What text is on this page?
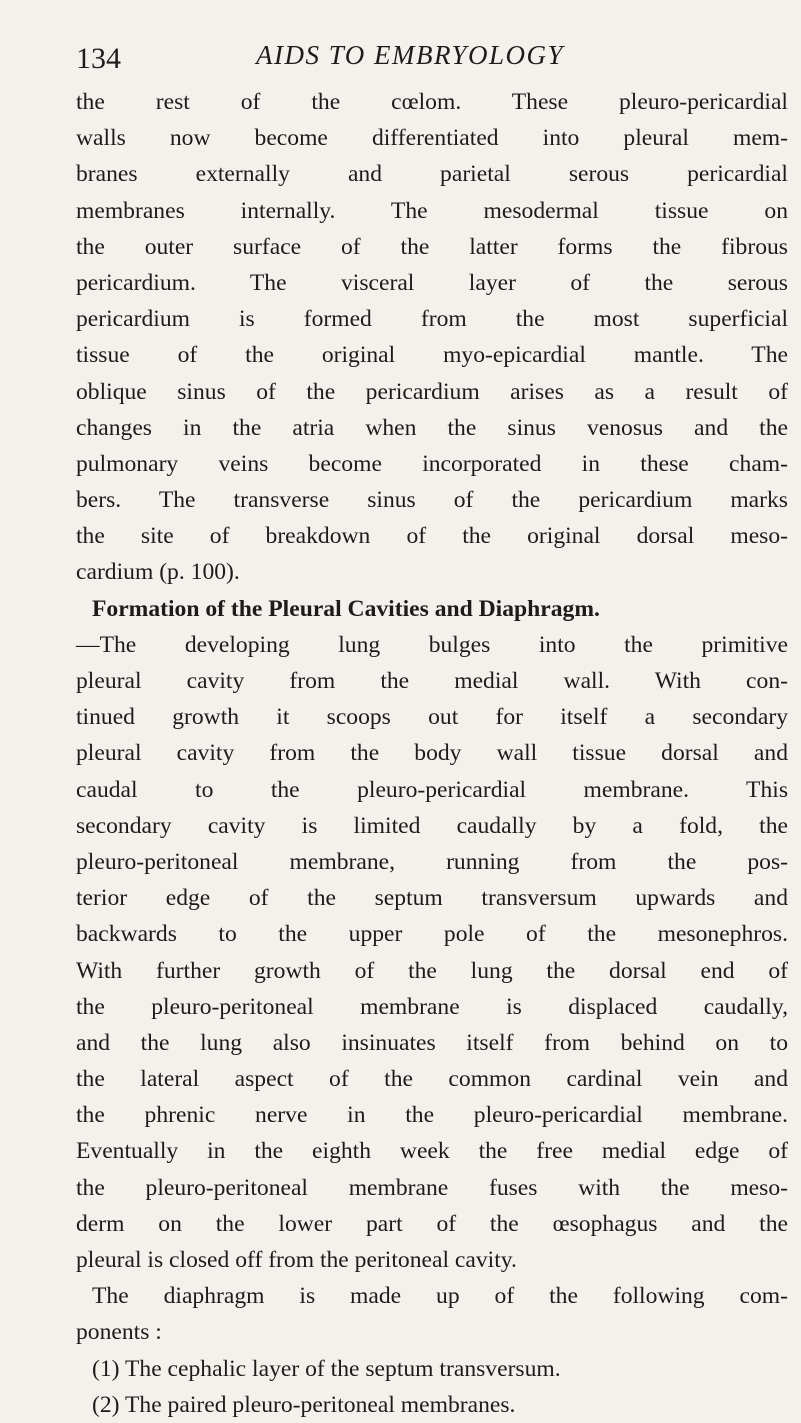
134	AIDS TO EMBRYOLOGY
the rest of the cœlom. These pleuro-pericardial
walls now become differentiated into pleural mem-
branes externally and parietal serous pericardial
membranes internally. The mesodermal tissue on
the outer surface of the latter forms the fibrous
pericardium. The visceral layer of the serous
pericardium is formed from the most superficial
tissue of the original myo-epicardial mantle. The
oblique sinus of the pericardium arises as a result of
changes in the atria when the sinus venosus and the
pulmonary veins become incorporated in these cham-
bers. The transverse sinus of the pericardium marks
the site of breakdown of the original dorsal meso-
cardium (p. 100).
Formation of the Pleural Cavities and Diaphragm.
—The developing lung bulges into the primitive
pleural cavity from the medial wall. With con-
tinued growth it scoops out for itself a secondary
pleural cavity from the body wall tissue dorsal and
caudal to the pleuro-pericardial membrane. This
secondary cavity is limited caudally by a fold, the
pleuro-peritoneal membrane, running from the pos-
terior edge of the septum transversum upwards and
backwards to the upper pole of the mesonephros.
With further growth of the lung the dorsal end of
the pleuro-peritoneal membrane is displaced caudally,
and the lung also insinuates itself from behind on to
the lateral aspect of the common cardinal vein and
the phrenic nerve in the pleuro-pericardial membrane.
Eventually in the eighth week the free medial edge of
the pleuro-peritoneal membrane fuses with the meso-
derm on the lower part of the œsophagus and the
pleural is closed off from the peritoneal cavity.
The diaphragm is made up of the following com-
ponents :
(1) The cephalic layer of the septum transversum.
(2) The paired pleuro-peritoneal membranes.
